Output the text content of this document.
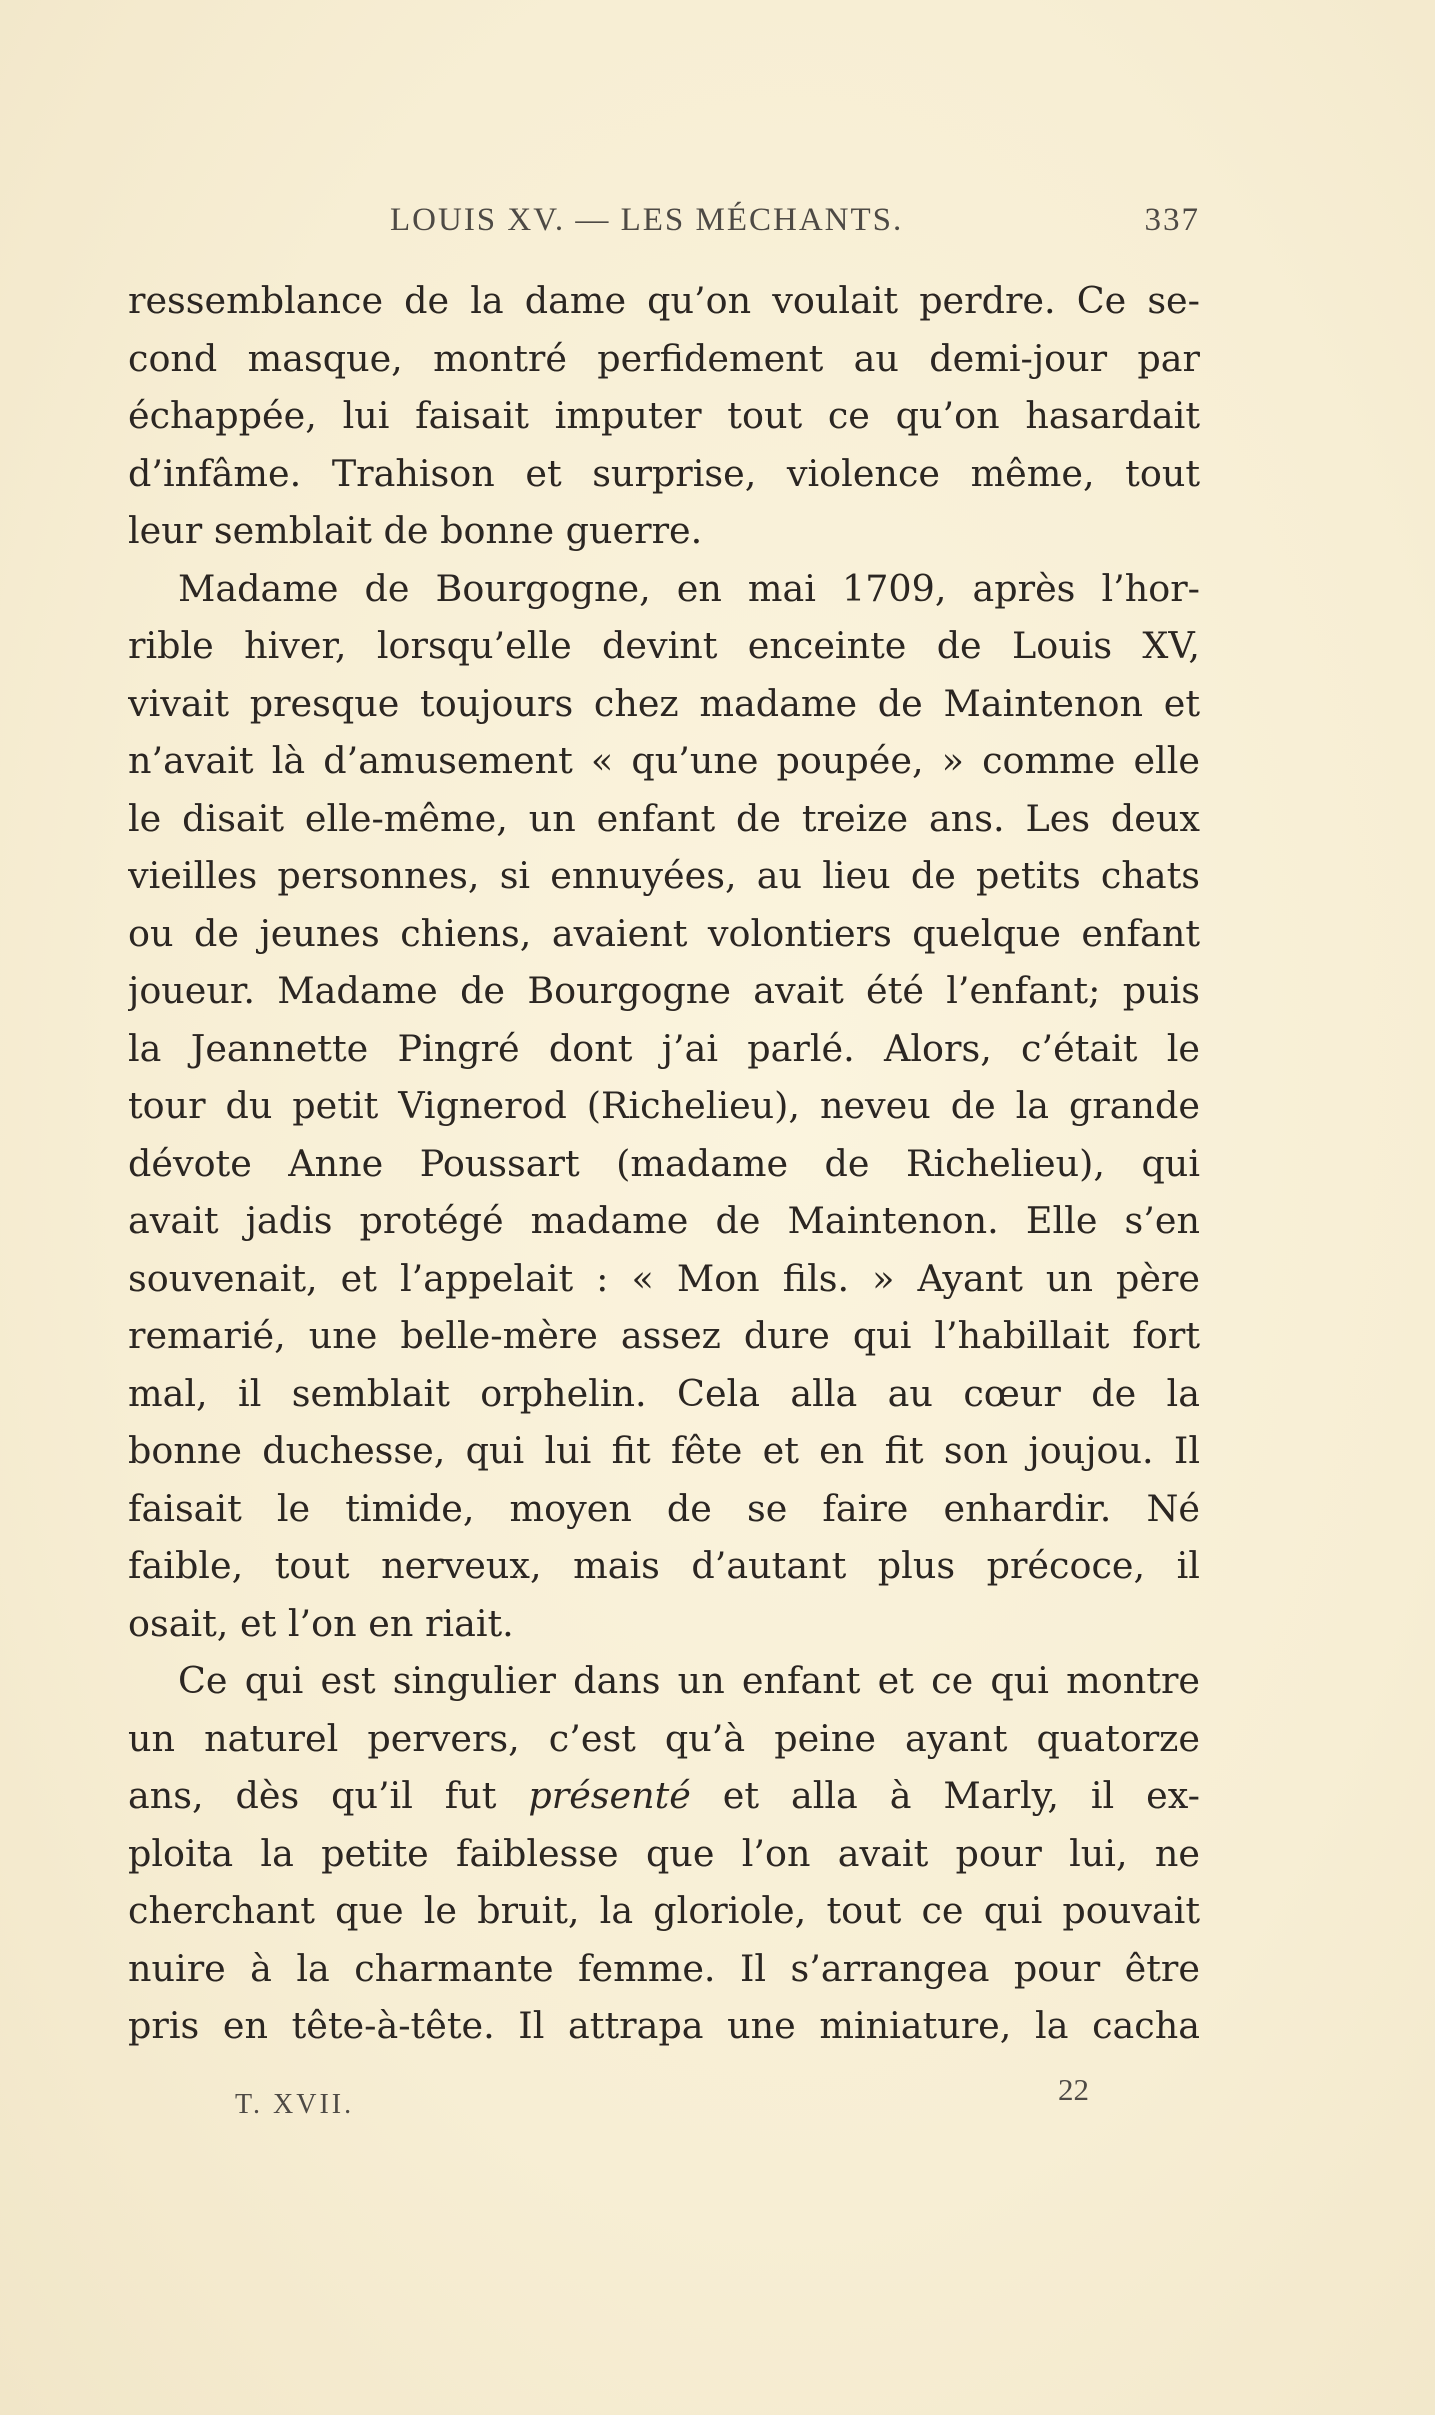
LOUIS XV. — LES MÉCHANTS.	337
ressemblance de la dame qu’on voulait perdre. Ce se-
cond masque, montré perfidement au demi-jour par
échappée, lui faisait imputer tout ce qu’on hasardait
d’infâme. Trahison et surprise, violence même, tout
leur semblait de bonne guerre.
Madame de Bourgogne, en mai 1709, après l’hor-
rible hiver, lorsqu’elle devint enceinte de Louis XV,
vivait presque toujours chez madame de Maintenon et
n’avait là d’amusement « qu’une poupée, » comme elle
le disait elle-même, un enfant de treize ans. Les deux
vieilles personnes, si ennuyées, au lieu de petits chats
ou de jeunes chiens, avaient volontiers quelque enfant
joueur. Madame de Bourgogne avait été l’enfant; puis
la Jeannette Pingré dont j’ai parlé. Alors, c’était le
tour du petit Vignerod (Richelieu), neveu de la grande
dévote Anne Poussart (madame de Richelieu), qui
avait jadis protégé madame de Maintenon. Elle s’en
souvenait, et l’appelait : « Mon fils. » Ayant un père
remarié, une belle-mère assez dure qui l’habillait fort
mal, il semblait orphelin. Cela alla au cœur de la
bonne duchesse, qui lui fit fête et en fit son joujou. Il
faisait le timide, moyen de se faire enhardir. Né
faible, tout nerveux, mais d’autant plus précoce, il
osait, et l’on en riait.
Ce qui est singulier dans un enfant et ce qui montre
un naturel pervers, c’est qu’à peine ayant quatorze
ans, dès qu’il fut présenté et alla à Marly, il ex-
ploita la petite faiblesse que l’on avait pour lui, ne
cherchant que le bruit, la gloriole, tout ce qui pouvait
nuire à la charmante femme. Il s’arrangea pour être
pris en tête-à-tête. Il attrapa une miniature, la cacha
T. XVII.	22
